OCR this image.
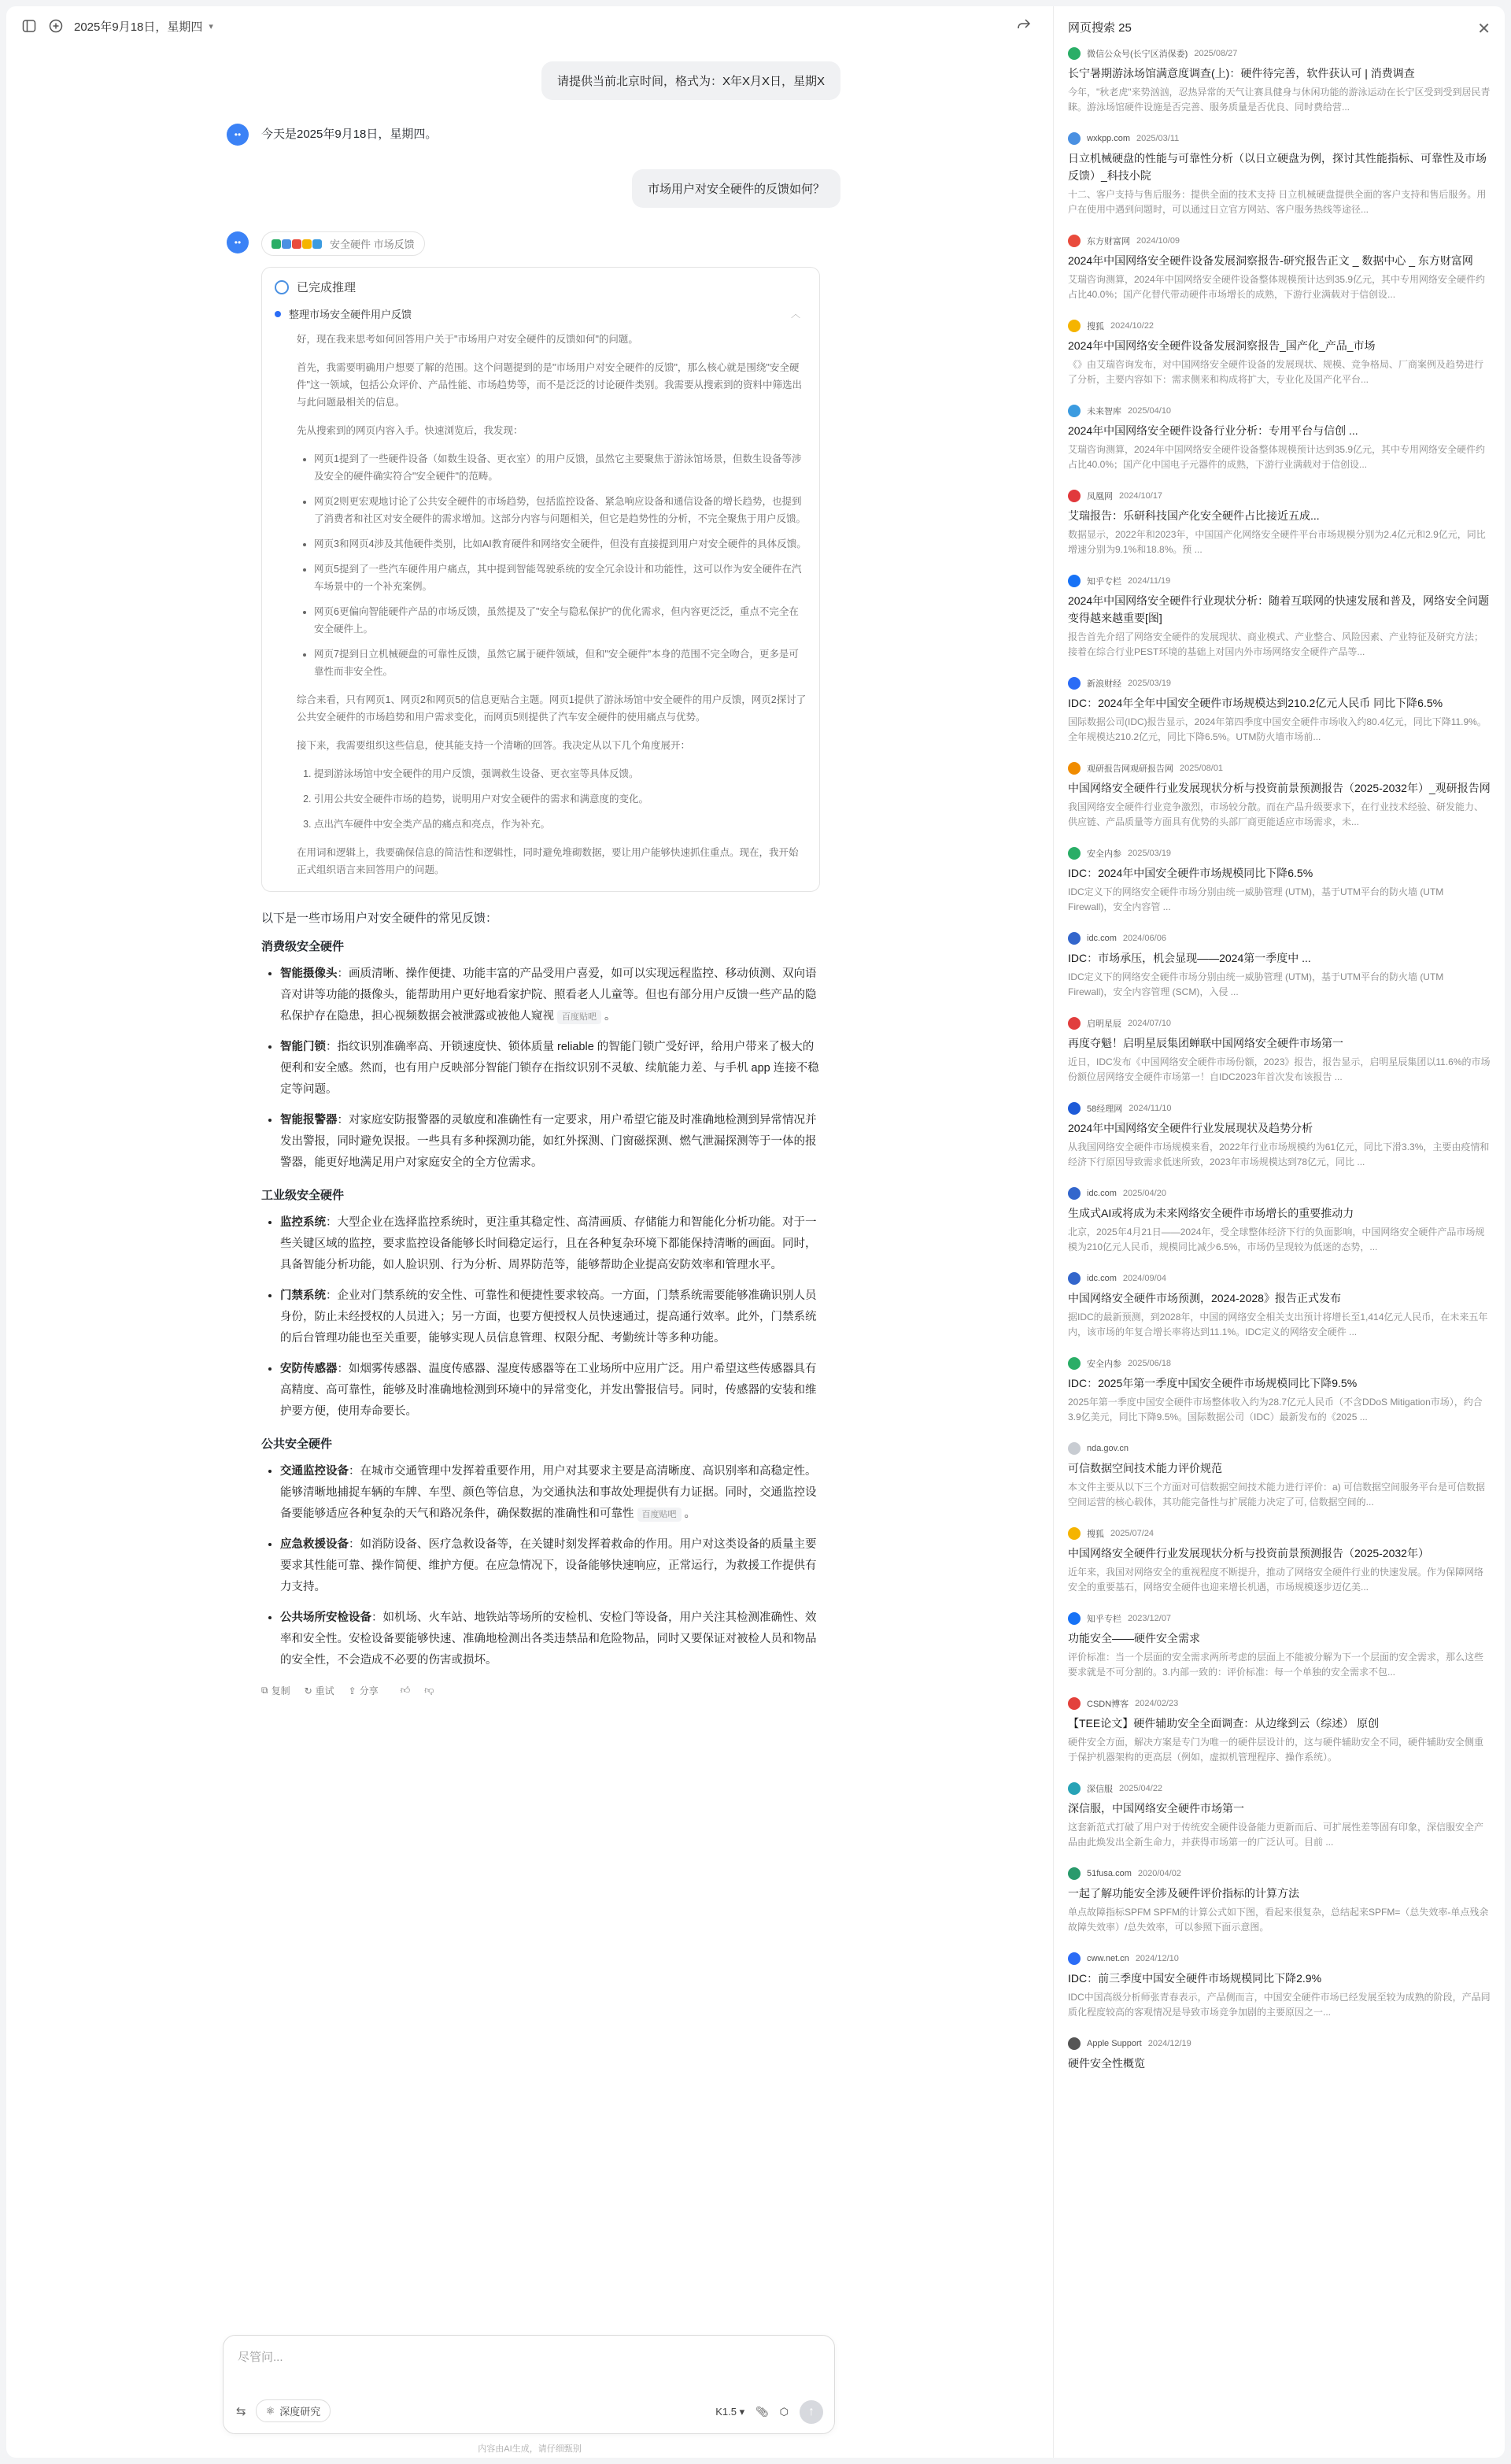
2025年9月18日，星期四 ▾
请提供当前北京时间，格式为：X年X月X日，星期X
••	今天是2025年9月18日，星期四。
市场用户对安全硬件的反馈如何？
••	安全硬件 市场反馈
已完成推理
整理市场安全硬件用户反馈	︿

好，现在我来思考如何回答用户关于"市场用户对安全硬件的反馈如何"的问题。

首先，我需要明确用户想要了解的范围。这个问题提到的是"市场用户对安全硬件的反馈"，那么核心就是围绕"安全硬件"这一领域，包括公众评价、产品性能、市场趋势等，而不是泛泛的讨论硬件类别。我需要从搜索到的资料中筛选出与此问题最相关的信息。

先从搜索到的网页内容入手。快速浏览后，我发现：

• 网页1提到了一些硬件设备（如数生设备、更衣室）的用户反馈，虽然它主要聚焦于游泳馆场景，但数生设备等涉及安全的硬件确实符合"安全硬件"的范畴。
• 网页2则更宏观地讨论了公共安全硬件的市场趋势，包括监控设备、紧急响应设备和通信设备的增长趋势，也提到了消费者和社区对安全硬件的需求增加。这部分内容与问题相关，但它是趋势性的分析，不完全聚焦于用户反馈。
• 网页3和网页4涉及其他硬件类别，比如AI教育硬件和网络安全硬件，但没有直接提到用户对安全硬件的具体反馈。
• 网页5提到了一些汽车硬件用户痛点，其中提到智能驾驶系统的安全冗余设计和功能性，这可以作为安全硬件在汽车场景中的一个补充案例。
• 网页6更偏向智能硬件产品的市场反馈，虽然提及了"安全与隐私保护"的优化需求，但内容更泛泛，重点不完全在安全硬件上。
• 网页7提到日立机械硬盘的可靠性反馈，虽然它属于硬件领域，但和"安全硬件"本身的范围不完全吻合，更多是可靠性而非安全性。

综合来看，只有网页1、网页2和网页5的信息更贴合主题。网页1提供了游泳场馆中安全硬件的用户反馈，网页2探讨了公共安全硬件的市场趋势和用户需求变化，而网页5则提供了汽车安全硬件的使用痛点与优势。

接下来，我需要组织这些信息，使其能支持一个清晰的回答。我决定从以下几个角度展开：

1. 提到游泳场馆中安全硬件的用户反馈，强调救生设备、更衣室等具体反馈。
2. 引用公共安全硬件市场的趋势，说明用户对安全硬件的需求和满意度的变化。
3. 点出汽车硬件中安全类产品的痛点和亮点，作为补充。

在用词和逻辑上，我要确保信息的简洁性和逻辑性，同时避免堆砌数据，要让用户能够快速抓住重点。现在，我开始正式组织语言来回答用户的问题。

以下是一些市场用户对安全硬件的常见反馈：
消费级安全硬件
• 智能摄像头：画质清晰、操作便捷、功能丰富的产品受用户喜爱，如可以实现远程监控、移动侦测、双向语音对讲等功能的摄像头，能帮助用户更好地看家护院、照看老人儿童等。但也有部分用户反馈一些产品的隐私保护存在隐患，担心视频数据会被泄露或被他人窥视 百度贴吧 。
• 智能门锁：指纹识别准确率高、开锁速度快、锁体质量 reliable 的智能门锁广受好评，给用户带来了极大的便利和安全感。然而，也有用户反映部分智能门锁存在指纹识别不灵敏、续航能力差、与手机 app 连接不稳定等问题。
• 智能报警器：对家庭安防报警器的灵敏度和准确性有一定要求，用户希望它能及时准确地检测到异常情况并发出警报，同时避免误报。一些具有多种探测功能，如红外探测、门窗磁探测、燃气泄漏探测等于一体的报警器，能更好地满足用户对家庭安全的全方位需求。
工业级安全硬件
• 监控系统：大型企业在选择监控系统时，更注重其稳定性、高清画质、存储能力和智能化分析功能。对于一些关键区域的监控，要求监控设备能够长时间稳定运行，且在各种复杂环境下都能保持清晰的画面。同时，具备智能分析功能，如人脸识别、行为分析、周界防范等，能够帮助企业提高安防效率和管理水平。
• 门禁系统：企业对门禁系统的安全性、可靠性和便捷性要求较高。一方面，门禁系统需要能够准确识别人员身份，防止未经授权的人员进入；另一方面，也要方便授权人员快速通过，提高通行效率。此外，门禁系统的后台管理功能也至关重要，能够实现人员信息管理、权限分配、考勤统计等多种功能。
• 安防传感器：如烟雾传感器、温度传感器、湿度传感器等在工业场所中应用广泛。用户希望这些传感器具有高精度、高可靠性，能够及时准确地检测到环境中的异常变化，并发出警报信号。同时，传感器的安装和维护要方便，使用寿命要长。
公共安全硬件
• 交通监控设备：在城市交通管理中发挥着重要作用，用户对其要求主要是高清晰度、高识别率和高稳定性。能够清晰地捕捉车辆的车牌、车型、颜色等信息，为交通执法和事故处理提供有力证据。同时，交通监控设备要能够适应各种复杂的天气和路况条件，确保数据的准确性和可靠性 百度贴吧 。
• 应急救援设备：如消防设备、医疗急救设备等，在关键时刻发挥着救命的作用。用户对这类设备的质量主要要求其性能可靠、操作简便、维护方便。在应急情况下，设备能够快速响应，正常运行，为救援工作提供有力支持。
• 公共场所安检设备：如机场、火车站、地铁站等场所的安检机、安检门等设备，用户关注其检测准确性、效率和安全性。安检设备要能够快速、准确地检测出各类违禁品和危险物品，同时又要保证对被检人员和物品的安全性，不会造成不必要的伤害或损坏。
⧉ 复制 ↻ 重试 ⇪ 分享 👍︎ 👎︎
尽管问...
⇆ ⚛ 深度研究	K1.5 ▾ 📎︎ ⬡	↑
内容由AI生成，请仔细甄别
网页搜索 25	✕
微信公众号(长宁区消保委) 2025/08/27
长宁暑期游泳场馆满意度调查(上)：硬件待完善，软件获认可 | 消费调查
今年，"秋老虎"来势汹汹，忍热异常的天气让赛具健身与休闲功能的游泳运动在长宁区受到受到居民青睐。游泳场馆硬件设施是否完善、服务质量是否优良、同时费给营...
wxkpp.com 2025/03/11
日立机械硬盘的性能与可靠性分析（以日立硬盘为例，探讨其性能指标、可靠性及市场反馈）_科技小院
十二、客户支持与售后服务：提供全面的技术支持 日立机械硬盘提供全面的客户支持和售后服务。用户在使用中遇到问题时，可以通过日立官方网站、客户服务热线等途径...
东方财富网 2024/10/09
2024年中国网络安全硬件设备发展洞察报告-研究报告正文 _ 数据中心 _ 东方财富网
艾瑞咨询测算，2024年中国网络安全硬件设备整体规模预计达到35.9亿元，其中专用网络安全硬件约占比40.0%；国产化替代带动硬件市场增长的成熟，下游行业满载对于信创设...
搜狐 2024/10/22
2024年中国网络安全硬件设备发展洞察报告_国产化_产品_市场
《》由艾瑞咨询发布，对中国网络安全硬件设备的发展现状、规模、竞争格局、厂商案例及趋势进行了分析，主要内容如下：需求侧来和构成将扩大，专业化及国产化平台...
未来智库 2025/04/10
2024年中国网络安全硬件设备行业分析：专用平台与信创 ...
艾瑞咨询测算，2024年中国网络安全硬件设备整体规模预计达到35.9亿元，其中专用网络安全硬件约占比40.0%；国产化中国电子元器件的成熟，下游行业满载对于信创设...
凤凰网 2024/10/17
艾瑞报告：乐研科技国产化安全硬件占比接近五成...
数据显示，2022年和2023年，中国国产化网络安全硬件平台市场规模分别为2.4亿元和2.9亿元，同比增速分别为9.1%和18.8%。预 ...
知乎专栏 2024/11/19
2024年中国网络安全硬件行业现状分析：随着互联网的快速发展和普及，网络安全问题变得越来越重要[图]
报告首先介绍了网络安全硬件的发展现状、商业模式、产业整合、风险因素、产业特征及研究方法；接着在综合行业PEST环境的基础上对国内外市场网络安全硬件产品等...
新浪财经 2025/03/19
IDC：2024年全年中国安全硬件市场规模达到210.2亿元人民币 同比下降6.5%
国际数据公司(IDC)报告显示，2024年第四季度中国安全硬件市场收入约80.4亿元，同比下降11.9%。全年规模达210.2亿元，同比下降6.5%。UTM防火墙市场前...
观研报告网观研报告网 2025/08/01
中国网络安全硬件行业发展现状分析与投资前景预测报告（2025-2032年）_观研报告网
我国网络安全硬件行业竞争激烈，市场较分散。而在产品升级要求下，在行业技术经验、研发能力、供应链、产品质量等方面具有优势的头部厂商更能适应市场需求，未...
安全内参 2025/03/19
IDC：2024年中国安全硬件市场规模同比下降6.5%
IDC定义下的网络安全硬件市场分别由统一威胁管理 (UTM)，基于UTM平台的防火墙 (UTM Firewall)，安全内容管 ...
idc.com 2024/06/06
IDC：市场承压，机会显现——2024第一季度中 ...
IDC定义下的网络安全硬件市场分别由统一威胁管理 (UTM)，基于UTM平台的防火墙 (UTM Firewall)，安全内容管理 (SCM)，入侵 ...
启明星辰 2024/07/10
再度夺魁！启明星辰集团蝉联中国网络安全硬件市场第一
近日，IDC发布《中国网络安全硬件市场份额，2023》报告，报告显示，启明星辰集团以11.6%的市场份额位居网络安全硬件市场第一！自IDC2023年首次发布该报告 ...
58经理网 2024/11/10
2024年中国网络安全硬件行业发展现状及趋势分析
从我国网络安全硬件市场规模来看，2022年行业市场规模约为61亿元，同比下滑3.3%，主要由疫情和经济下行原因导致需求低迷所致，2023年市场规模达到78亿元，同比 ...
idc.com 2025/04/20
生成式AI或将成为未来网络安全硬件市场增长的重要推动力
北京，2025年4月21日——2024年，受全球整体经济下行的负面影响，中国网络安全硬件产品市场规模为210亿元人民币，规模同比减少6.5%，市场仍呈现较为低迷的态势，...
idc.com 2024/09/04
中国网络安全硬件市场预测，2024-2028》报告正式发布
据IDC的最新预测，到2028年，中国的网络安全相关支出预计将增长至1,414亿元人民币，在未来五年内，该市场的年复合增长率将达到11.1%。IDC定义的网络安全硬件 ...
安全内参 2025/06/18
IDC：2025年第一季度中国安全硬件市场规模同比下降9.5%
2025年第一季度中国安全硬件市场整体收入约为28.7亿元人民币（不含DDoS Mitigation市场），约合3.9亿美元，同比下降9.5%。国际数据公司（IDC）最新发布的《2025 ...
nda.gov.cn
可信数据空间技术能力评价规范
本文件主要从以下三个方面对可信数据空间技术能力进行评价：a) 可信数据空间服务平台是可信数据空间运营的核心载体，其功能完备性与扩展能力决定了可, 信数据空间的...
搜狐 2025/07/24
中国网络安全硬件行业发展现状分析与投资前景预测报告（2025-2032年）
近年来，我国对网络安全的重视程度不断提升，推动了网络安全硬件行业的快速发展。作为保障网络安全的重要基石，网络安全硬件也迎来增长机遇，市场规模逐步迈亿美...
知乎专栏 2023/12/07
功能安全——硬件安全需求
评价标准：当一个层面的安全需求两所考虑的层面上不能被分解为下一个层面的安全需求，那么这些要求就是不可分割的。3.内部一致的：评价标准：每一个单独的安全需求不包...
CSDN博客 2024/02/23
【TEE论文】硬件辅助安全全面调查：从边缘到云（综述） 原创
硬件安全方面，解决方案是专门为唯一的硬件层设计的，这与硬件辅助安全不同，硬件辅助安全侧重于保护机器架构的更高层（例如，虚拟机管理程序、操作系统）。
深信服 2025/04/22
深信服，中国网络安全硬件市场第一
这套新范式打破了用户对于传统安全硬件设备能力更新而后、可扩展性差等固有印象，深信服安全产品由此焕发出全新生命力，并获得市场第一的广泛认可。目前 ...
51fusa.com 2020/04/02
一起了解功能安全涉及硬件评价指标的计算方法
单点故障指标SPFM SPFM的计算公式如下图，看起来很复杂，总结起来SPFM=（总失效率-单点残余故障失效率）/总失效率，可以参照下面示意图。
cww.net.cn 2024/12/10
IDC：前三季度中国安全硬件市场规模同比下降2.9%
IDC中国高级分析师张青春表示，产品侧而言，中国安全硬件市场已经发展至较为成熟的阶段，产品同质化程度较高的客观情况是导致市场竞争加剧的主要原因之一...
Apple Support 2024/12/19
硬件安全性概览
